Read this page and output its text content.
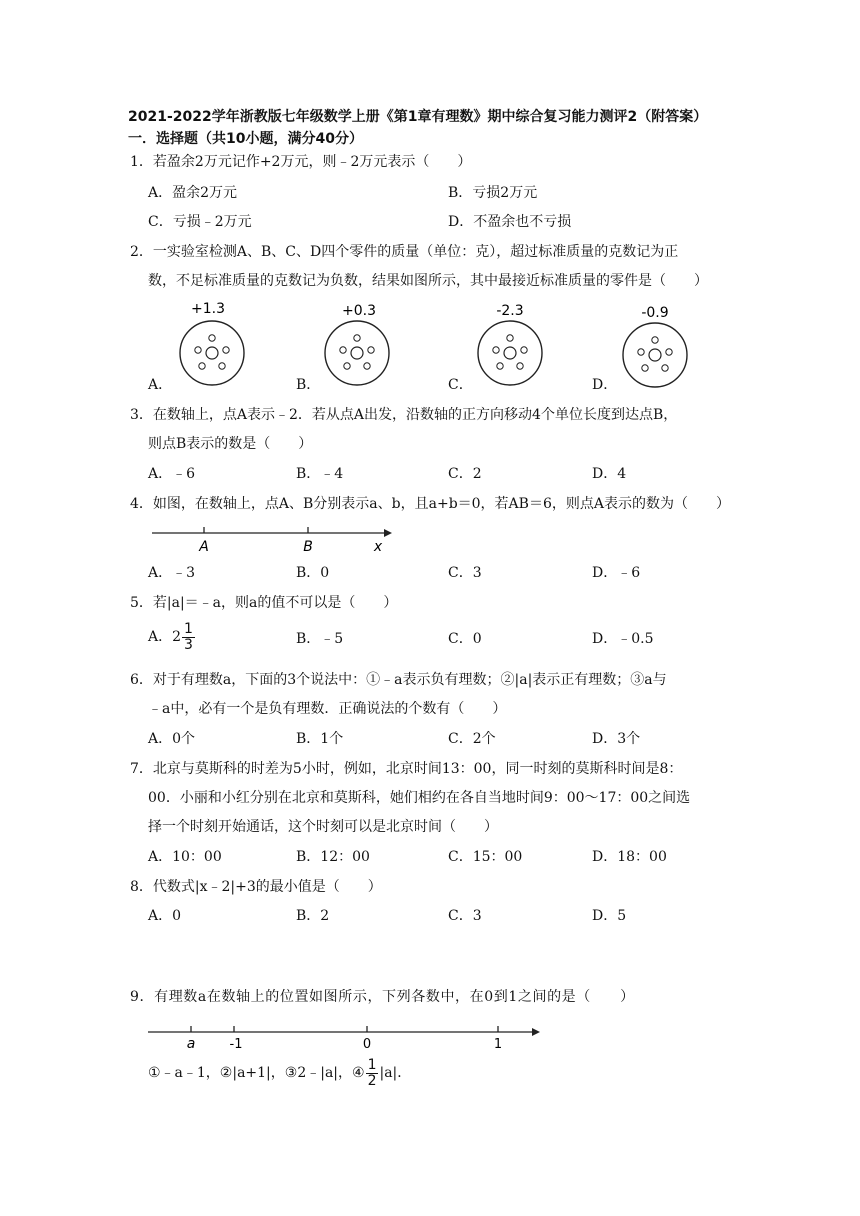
2021-2022学年浙教版七年级数学上册《第1章有理数》期中综合复习能力测评2（附答案）
一．选择题（共10小题，满分40分）
1．若盈余2万元记作+2万元，则﹣2万元表示（　　）
A．盈余2万元	B．亏损2万元
C．亏损﹣2万元	D．不盈余也不亏损
2．一实验室检测A、B、C、D四个零件的质量（单位：克），超过标准质量的克数记为正
数，不足标准质量的克数记为负数，结果如图所示，其中最接近标准质量的零件是（　　）
+1.3	+0.3	-2.3	-0.9
A．	B．	C．	D．
3．在数轴上，点A表示﹣2．若从点A出发，沿数轴的正方向移动4个单位长度到达点B，
则点B表示的数是（　　）
A．﹣6	B．﹣4	C．2	D．4
4．如图，在数轴上，点A、B分别表示a、b，且a+b＝0，若AB＝6，则点A表示的数为（　　）
A	B	x
A．﹣3	B．0	C．3	D．﹣6
5．若|a|＝﹣a，则a的值不可以是（　　）
A．$2 \frac{1}{3}$	B．﹣5	C．0	D．﹣0.5
6．对于有理数a，下面的3个说法中：①﹣a表示负有理数；②|a|表示正有理数；③a与
﹣a中，必有一个是负有理数．正确说法的个数有（　　）
A．0个	B．1个	C．2个	D．3个
7．北京与莫斯科的时差为5小时，例如，北京时间13：00，同一时刻的莫斯科时间是8：
00．小丽和小红分别在北京和莫斯科，她们相约在各自当地时间9：00～17：00之间选
择一个时刻开始通话，这个时刻可以是北京时间（　　）
A．10：00	B．12：00	C．15：00	D．18：00
8．代数式|x﹣2|+3的最小值是（　　）
A．0	B．2	C．3	D．5
9．有理数a在数轴上的位置如图所示，下列各数中，在0到1之间的是（　　）
a	-1	0	1
①﹣a﹣1，②|a+1|，③2﹣|a|，④ $\frac{1}{2} |a|$．
